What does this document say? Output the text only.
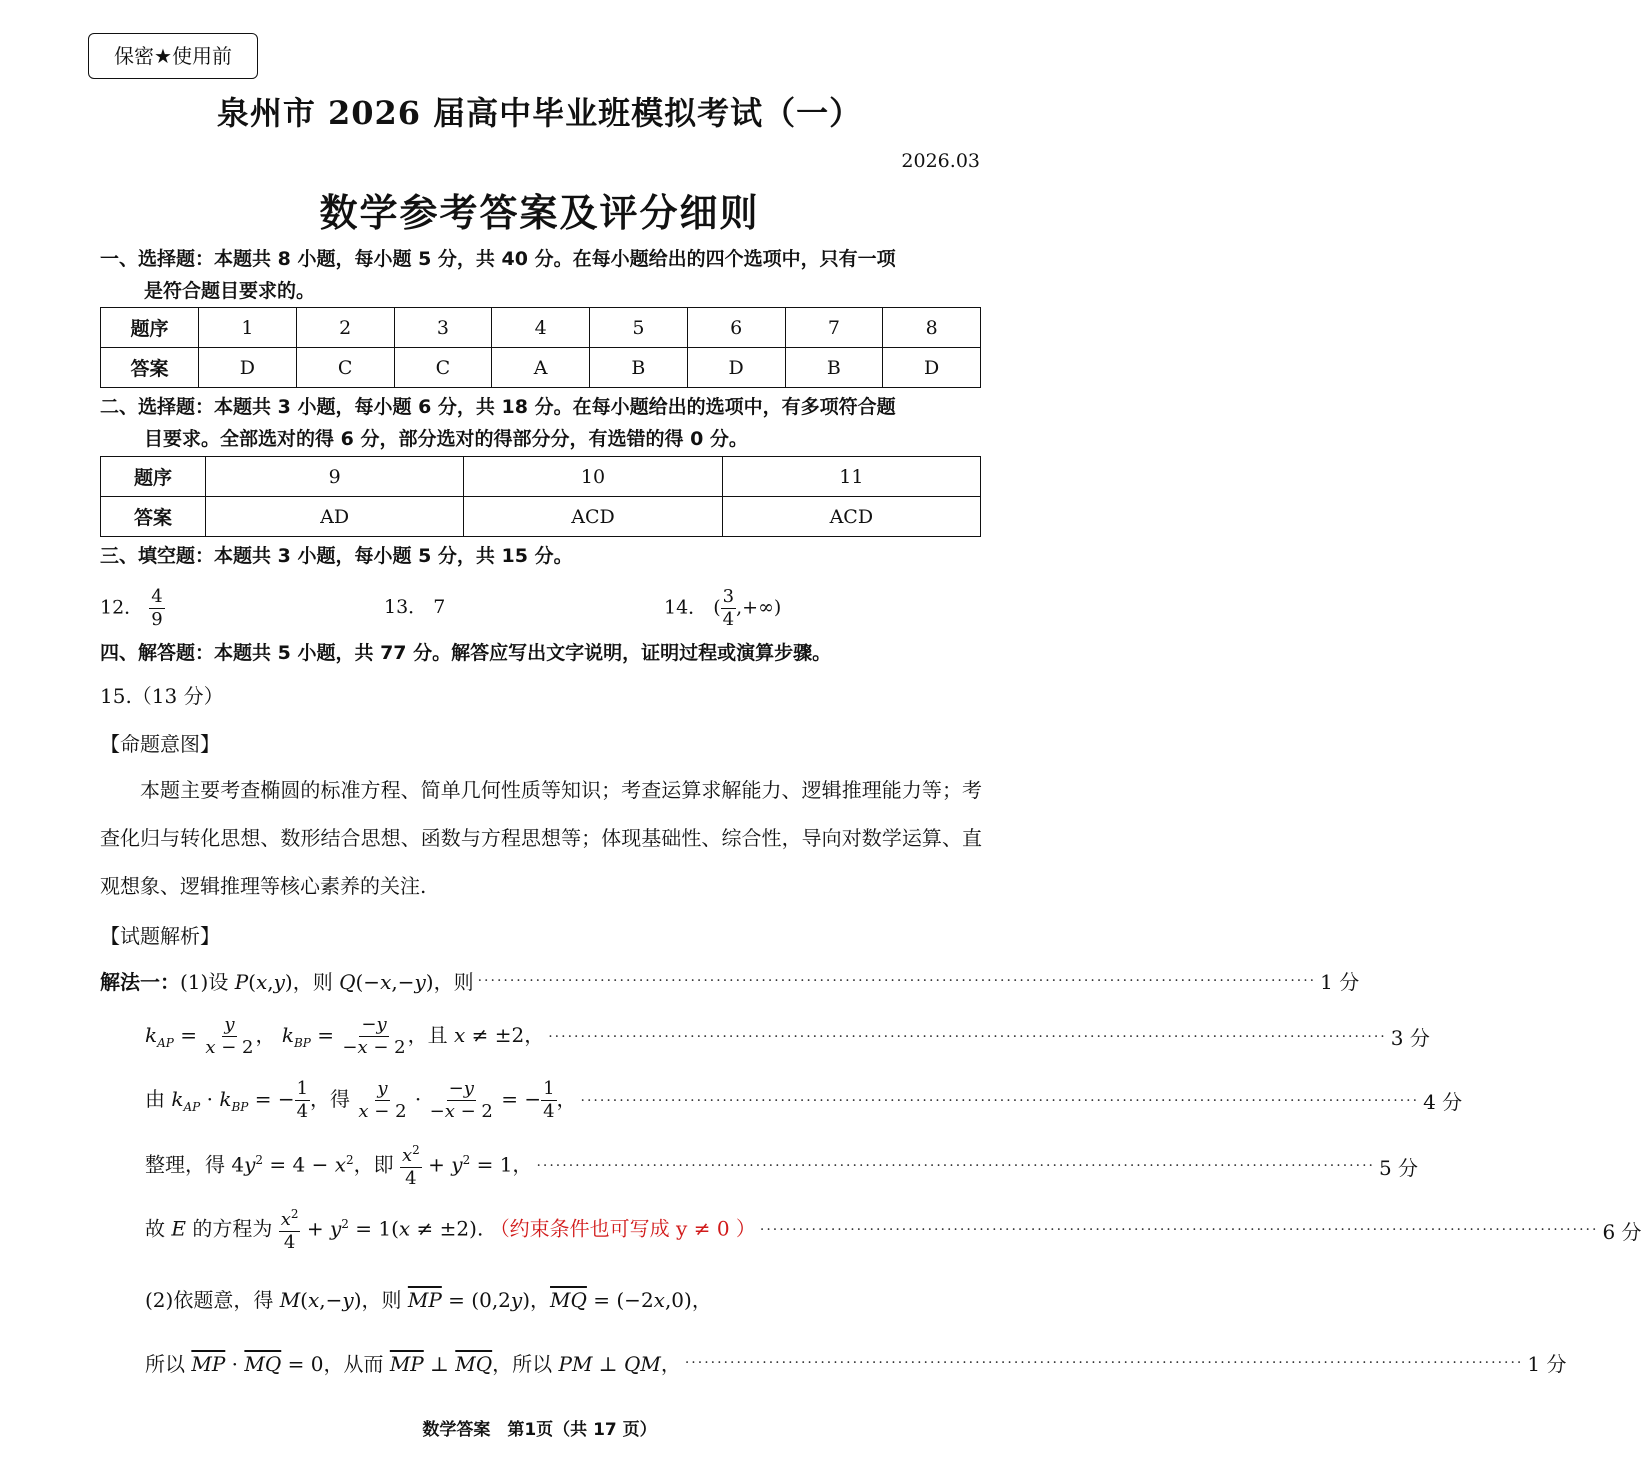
保密★使用前
泉州市 2026 届高中毕业班模拟考试（一）
2026.03
数学参考答案及评分细则
一、选择题：本题共 8 小题，每小题 5 分，共 40 分。在每小题给出的四个选项中，只有一项
是符合题目要求的。
题序	1	2	3	4	5	6	7	8
答案	D	C	C	A	B	D	B	D
二、选择题：本题共 3 小题，每小题 6 分，共 18 分。在每小题给出的选项中，有多项符合题
目要求。全部选对的得 6 分，部分选对的得部分分，有选错的得 0 分。
题序	9	10	11
答案	AD	ACD	ACD
三、填空题：本题共 3 小题，每小题 5 分，共 15 分。
12． $\frac{4}{9}$	13． 7	14． ( $\frac{3}{4}$ ,+∞)
四、解答题：本题共 5 小题，共 77 分。解答应写出文字说明，证明过程或演算步骤。
15.（13 分）
【命题意图】
本题主要考查椭圆的标准方程、简单几何性质等知识；考查运算求解能力、逻辑推理能力等；考查化归与转化思想、数形结合思想、函数与方程思想等；体现基础性、综合性，导向对数学运算、直观想象、逻辑推理等核心素养的关注.
【试题解析】
解法一：(1)设 P(x,y)，则 Q(−x,−y)，则 ·································································································································· 1 分
$k_{AP} = \frac{y}{x - 2}$ ， $k_{BP} = \frac{-y}{-x - 2}$ ，且 x ≠ ±2， ·································································································································· 3 分
由 $k_{AP} \cdot k_{BP}$ = − $\frac{1}{4}$ ，得 $\frac{y}{x - 2} \cdot \frac{-y}{-x - 2}$ = − $\frac{1}{4}$ ， ·································································································································· 4 分
整理，得 $4y^2 = 4 - x^2$，即 $\frac{x^2}{4} + y^2 = 1$， ·································································································································· 5 分
故 E 的方程为 $\frac{x^2}{4} + y^2 = 1(x \ne \pm 2)$. （约束条件也可写成 y ≠ 0 ） ·································································································································· 6 分
(2)依题意，得 M(x,−y)，则 $\overline{MP} = (0,2y)$，$\overline{MQ} = (-2x,0)$，
所以 $\overline{MP} \cdot \overline{MQ} = 0$，从而 $\overline{MP}$ ⊥ $\overline{MQ}$，所以 PM ⊥ QM， ·································································································································· 1 分
数学答案　第1页（共 17 页）
